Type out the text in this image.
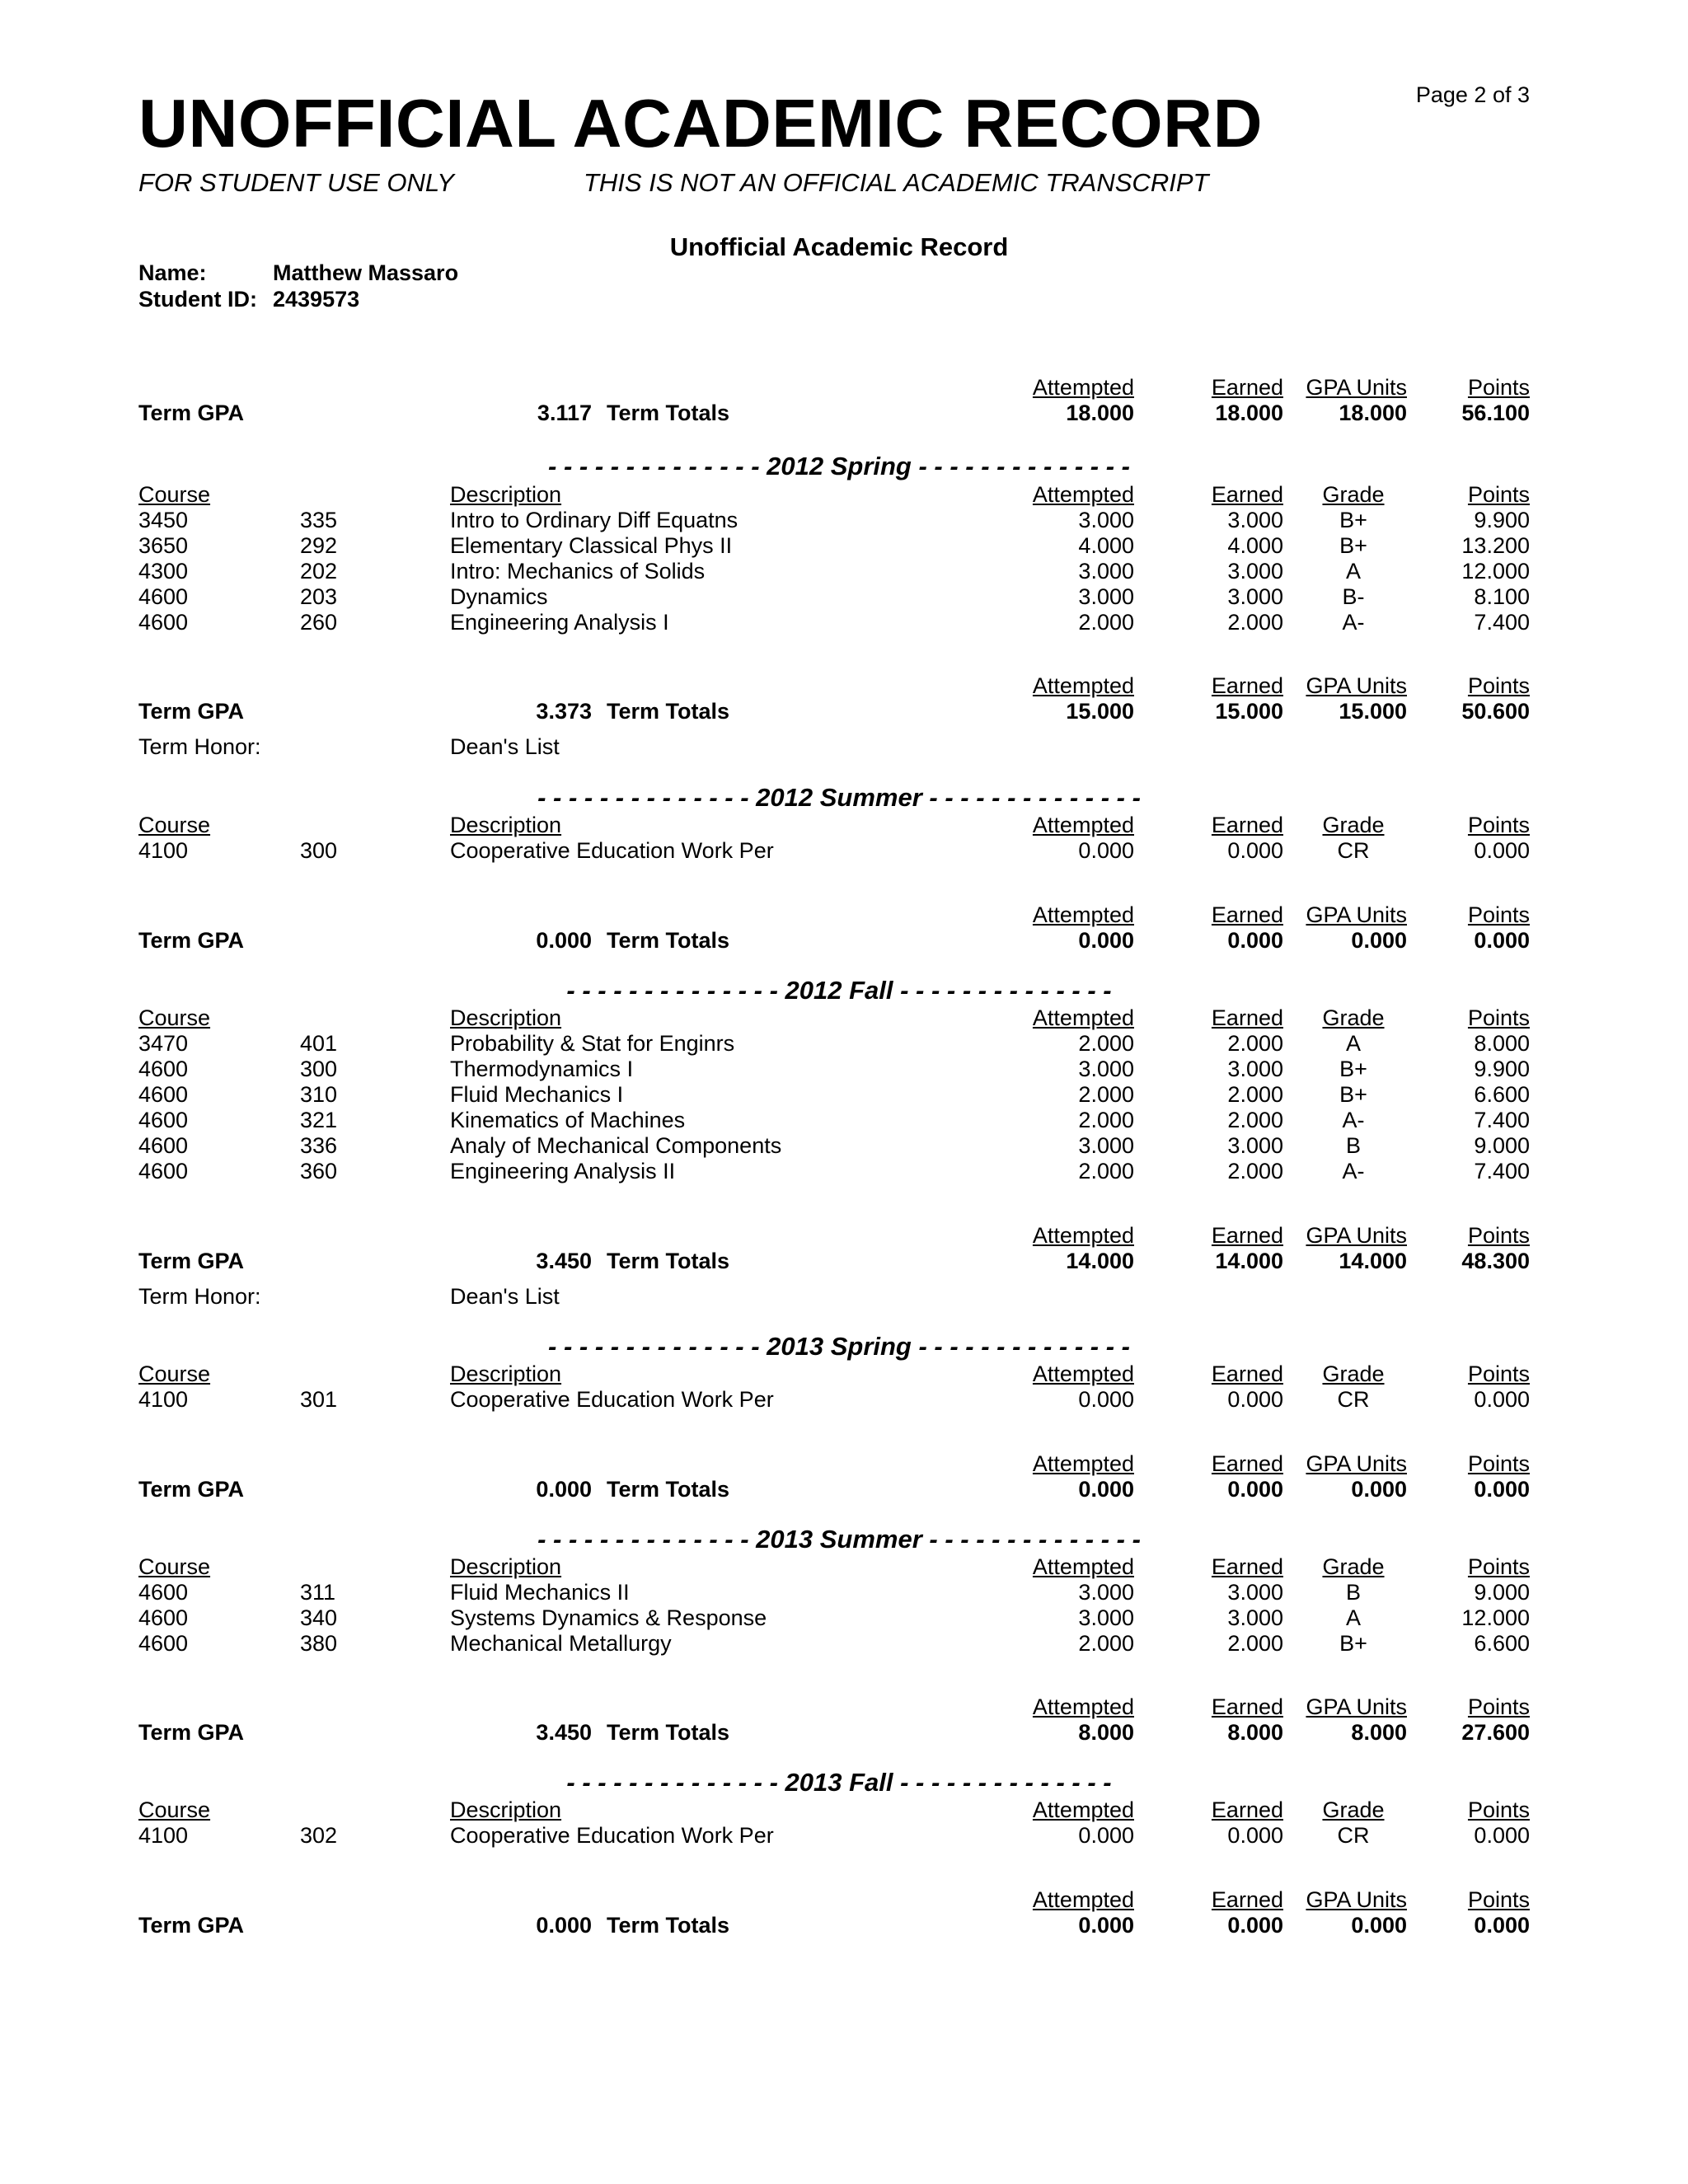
Page 2 of 3
UNOFFICIAL ACADEMIC RECORD
FOR STUDENT USE ONLY	THIS IS NOT AN OFFICIAL ACADEMIC TRANSCRIPT
Unofficial Academic Record
Name:	Matthew Massaro
Student ID: 2439573
Attempted	Earned	GPA Units	Points
Term GPA	3.117 Term Totals	18.000	18.000	18.000	56.100
- - - - - - - - - - - - - - 2012 Spring - - - - - - - - - - - - - -
Course	Description	Attempted	Earned	Grade	Points
3450	335	Intro to Ordinary Diff Equatns	3.000	3.000	B+	9.900
3650	292	Elementary Classical Phys II	4.000	4.000	B+	13.200
4300	202	Intro: Mechanics of Solids	3.000	3.000	A	12.000
4600	203	Dynamics	3.000	3.000	B-	8.100
4600	260	Engineering Analysis I	2.000	2.000	A-	7.400
Attempted	Earned	GPA Units	Points
Term GPA	3.373 Term Totals	15.000	15.000	15.000	50.600
Term Honor:	Dean's List
- - - - - - - - - - - - - - 2012 Summer - - - - - - - - - - - - - -
Course	Description	Attempted	Earned	Grade	Points
4100	300	Cooperative Education Work Per	0.000	0.000	CR	0.000
Attempted	Earned	GPA Units	Points
Term GPA	0.000 Term Totals	0.000	0.000	0.000	0.000
- - - - - - - - - - - - - - 2012 Fall - - - - - - - - - - - - - -
Course	Description	Attempted	Earned	Grade	Points
3470	401	Probability & Stat for Enginrs	2.000	2.000	A	8.000
4600	300	Thermodynamics I	3.000	3.000	B+	9.900
4600	310	Fluid Mechanics I	2.000	2.000	B+	6.600
4600	321	Kinematics of Machines	2.000	2.000	A-	7.400
4600	336	Analy of Mechanical Components	3.000	3.000	B	9.000
4600	360	Engineering Analysis II	2.000	2.000	A-	7.400
Attempted	Earned	GPA Units	Points
Term GPA	3.450 Term Totals	14.000	14.000	14.000	48.300
Term Honor:	Dean's List
- - - - - - - - - - - - - - 2013 Spring - - - - - - - - - - - - - -
Course	Description	Attempted	Earned	Grade	Points
4100	301	Cooperative Education Work Per	0.000	0.000	CR	0.000
Attempted	Earned	GPA Units	Points
Term GPA	0.000 Term Totals	0.000	0.000	0.000	0.000
- - - - - - - - - - - - - - 2013 Summer - - - - - - - - - - - - - -
Course	Description	Attempted	Earned	Grade	Points
4600	311	Fluid Mechanics II	3.000	3.000	B	9.000
4600	340	Systems Dynamics & Response	3.000	3.000	A	12.000
4600	380	Mechanical Metallurgy	2.000	2.000	B+	6.600
Attempted	Earned	GPA Units	Points
Term GPA	3.450 Term Totals	8.000	8.000	8.000	27.600
- - - - - - - - - - - - - - 2013 Fall - - - - - - - - - - - - - -
Course	Description	Attempted	Earned	Grade	Points
4100	302	Cooperative Education Work Per	0.000	0.000	CR	0.000
Attempted	Earned	GPA Units	Points
Term GPA	0.000 Term Totals	0.000	0.000	0.000	0.000
